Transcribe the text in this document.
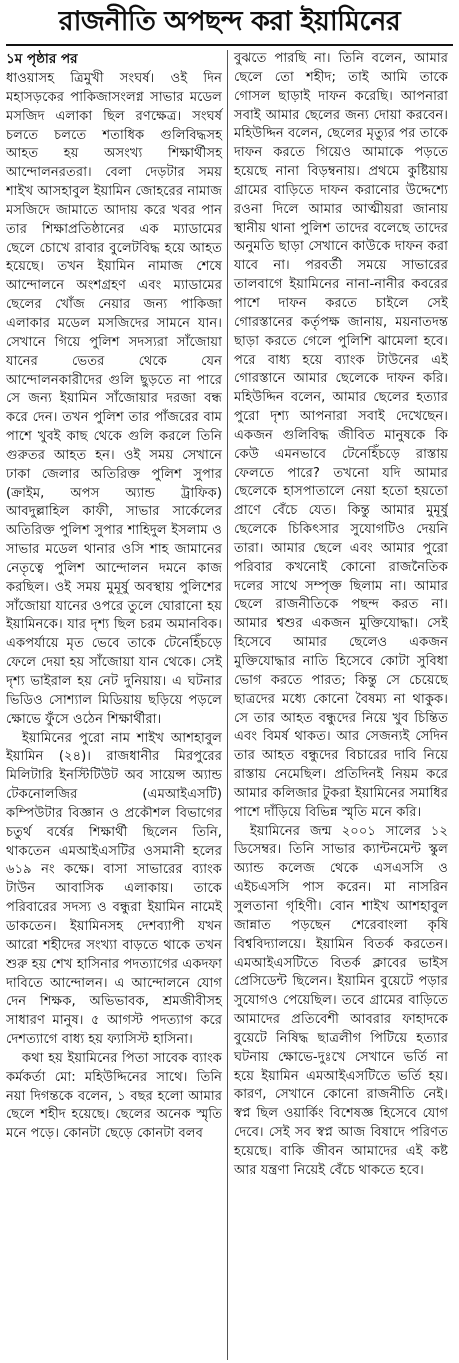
রাজনীতি অপছন্দ করা ইয়ামিনের
১ম পৃষ্ঠার পর

ধাওয়াসহ ত্রিমুখী সংঘর্ষ। ওই দিন মহাসড়কের পাকিজাসংলগ্ন সাভার মডেল মসজিদ এলাকা ছিল রণক্ষেত্র। সংঘর্ষ চলতে চলতে শতাধিক গুলিবিদ্ধসহ আহত হয় অসংখ্য শিক্ষার্থীসহ আন্দোলনরতরা। বেলা দেড়টার সময় শাইখ আসহাবুল ইয়ামিন জোহরের নামাজ মসজিদে জামাতে আদায় করে খবর পান তার শিক্ষাপ্রতিষ্ঠানের এক ম্যাডামের ছেলে চোখে রাবার বুলেটবিদ্ধ হয়ে আহত হয়েছে। তখন ইয়ামিন নামাজ শেষে আন্দোলনে অংশগ্রহণ এবং ম্যাডামের ছেলের খোঁজ নেয়ার জন্য পাকিজা এলাকার মডেল মসজিদের সামনে যান। সেখানে গিয়ে পুলিশ সদস্যরা সাঁজোয়া যানের ভেতর থেকে যেন আন্দোলনকারীদের গুলি ছুড়তে না পারে সে জন্য ইয়ামিন সাঁজোয়ার দরজা বন্ধ করে দেন। তখন পুলিশ তার পাঁজরের বাম পাশে খুবই কাছ থেকে গুলি করলে তিনি গুরুতর আহত হন। ওই সময় সেখানে ঢাকা জেলার অতিরিক্ত পুলিশ সুপার (ক্রাইম, অপস অ্যান্ড ট্রাফিক) আবদুল্লাহিল কাফী, সাভার সার্কেলের অতিরিক্ত পুলিশ সুপার শাহিদুল ইসলাম ও সাভার মডেল থানার ওসি শাহ জামানের নেতৃত্বে পুলিশ আন্দোলন দমনে কাজ করছিল। ওই সময় মুমূর্ষু অবস্থায় পুলিশের সাঁজোয়া যানের ওপরে তুলে ঘোরানো হয় ইয়ামিনকে। যার দৃশ্য ছিল চরম অমানবিক। একপর্যায়ে মৃত ভেবে তাকে টেনেহিঁচড়ে ফেলে দেয়া হয় সাঁজোয়া যান থেকে। সেই দৃশ্য ভাইরাল হয় নেট দুনিয়ায়। এ ঘটনার ভিডিও সোশ্যাল মিডিয়ায় ছড়িয়ে পড়লে ক্ষোভে ফুঁসে ওঠেন শিক্ষার্থীরা।

ইয়ামিনের পুরো নাম শাইখ আশহাবুল ইয়ামিন (২৪)। রাজধানীর মিরপুরের মিলিটারি ইনস্টিটিউট অব সায়েন্স অ্যান্ড টেকনোলজির (এমআইএসটি) কম্পিউটার বিজ্ঞান ও প্রকৌশল বিভাগের চতুর্থ বর্ষের শিক্ষার্থী ছিলেন তিনি, থাকতেন এমআইএসটির ওসমানী হলের ৬১৯ নং কক্ষে। বাসা সাভারের ব্যাংক টাউন আবাসিক এলাকায়। তাকে পরিবারের সদস্য ও বন্ধুরা ইয়ামিন নামেই ডাকতেন। ইয়ামিনসহ দেশব্যাপী যখন আরো শহীদের সংখ্যা বাড়তে থাকে তখন শুরু হয় শেখ হাসিনার পদত্যাগের একদফা দাবিতে আন্দোলন। এ আন্দোলনে যোগ দেন শিক্ষক, অভিভাবক, শ্রমজীবীসহ সাধারণ মানুষ। ৫ আগস্ট পদত্যাগ করে দেশত্যাগে বাধ্য হয় ফ্যাসিস্ট হাসিনা।

কথা হয় ইয়ামিনের পিতা সাবেক ব্যাংক কর্মকর্তা মো: মহিউদ্দিনের সাথে। তিনি নয়া দিগন্তকে বলেন, ১ বছর হলো আমার ছেলে শহীদ হয়েছে। ছেলের অনেক স্মৃতি মনে পড়ে। কোনটা ছেড়ে কোনটা বলব

বুঝতে পারছি না। তিনি বলেন, আমার ছেলে তো শহীদ; তাই আমি তাকে গোসল ছাড়াই দাফন করেছি। আপনারা সবাই আমার ছেলের জন্য দোয়া করবেন। মহিউদ্দিন বলেন, ছেলের মৃত্যুর পর তাকে দাফন করতে গিয়েও আমাকে পড়তে হয়েছে নানা বিড়ম্বনায়। প্রথমে কুষ্টিয়ায় গ্রামের বাড়িতে দাফন করানোর উদ্দেশ্যে রওনা দিলে আমার আত্মীয়রা জানায় স্থানীয় থানা পুলিশ তাদের বলেছে তাদের অনুমতি ছাড়া সেখানে কাউকে দাফন করা যাবে না। পরবর্তী সময়ে সাভারের তালবাগে ইয়ামিনের নানা-নানীর কবরের পাশে দাফন করতে চাইলে সেই গোরস্তানের কর্তৃপক্ষ জানায়, ময়নাতদন্ত ছাড়া করতে গেলে পুলিশি ঝামেলা হবে। পরে বাধ্য হয়ে ব্যাংক টাউনের এই গোরস্তানে আমার ছেলেকে দাফন করি। মহিউদ্দিন বলেন, আমার ছেলের হত্যার পুরো দৃশ্য আপনারা সবাই দেখেছেন। একজন গুলিবিদ্ধ জীবিত মানুষকে কি কেউ এমনভাবে টেনেহিঁচড়ে রাস্তায় ফেলতে পারে? তখনো যদি আমার ছেলেকে হাসপাতালে নেয়া হতো হয়তো প্রাণে বেঁচে যেত। কিন্তু আমার মুমূর্ষু ছেলেকে চিকিৎসার সুযোগটিও দেয়নি তারা। আমার ছেলে এবং আমার পুরো পরিবার কখনোই কোনো রাজনৈতিক দলের সাথে সম্পৃক্ত ছিলাম না। আমার ছেলে রাজনীতিকে পছন্দ করত না। আমার শ্বশুর একজন মুক্তিযোদ্ধা। সেই হিসেবে আমার ছেলেও একজন মুক্তিযোদ্ধার নাতি হিসেবে কোটা সুবিধা ভোগ করতে পারত; কিন্তু সে চেয়েছে ছাত্রদের মধ্যে কোনো বৈষম্য না থাকুক। সে তার আহত বন্ধুদের নিয়ে খুব চিন্তিত এবং বিমর্ষ থাকত। আর সেজন্যই সেদিন তার আহত বন্ধুদের বিচারের দাবি নিয়ে রাস্তায় নেমেছিল। প্রতিদিনই নিয়ম করে আমার কলিজার টুকরা ইয়ামিনের সমাধির পাশে দাঁড়িয়ে বিভিন্ন স্মৃতি মনে করি।

ইয়ামিনের জন্ম ২০০১ সালের ১২ ডিসেম্বর। তিনি সাভার ক্যান্টনমেন্ট স্কুল অ্যান্ড কলেজ থেকে এসএসসি ও এইচএসসি পাস করেন। মা নাসরিন সুলতানা গৃহিণী। বোন শাইখ আশহাবুল জান্নাত পড়ছেন শেরেবাংলা কৃষি বিশ্ববিদ্যালয়ে। ইয়ামিন বিতর্ক করতেন। এমআইএসটিতে বিতর্ক ক্লাবের ভাইস প্রেসিডেন্ট ছিলেন। ইয়ামিন বুয়েটে পড়ার সুযোগও পেয়েছিল। তবে গ্রামের বাড়িতে আমাদের প্রতিবেশী আবরার ফাহাদকে বুয়েটে নিষিদ্ধ ছাত্রলীগ পিটিয়ে হত্যার ঘটনায় ক্ষোভে-দুঃখে সেখানে ভর্তি না হয়ে ইয়ামিন এমআইএসটিতে ভর্তি হয়। কারণ, সেখানে কোনো রাজনীতি নেই। স্বপ্ন ছিল ওয়ার্কিং বিশেষজ্ঞ হিসেবে যোগ দেবে। সেই সব স্বপ্ন আজ বিষাদে পরিণত হয়েছে। বাকি জীবন আমাদের এই কষ্ট আর যন্ত্রণা নিয়েই বেঁচে থাকতে হবে।
